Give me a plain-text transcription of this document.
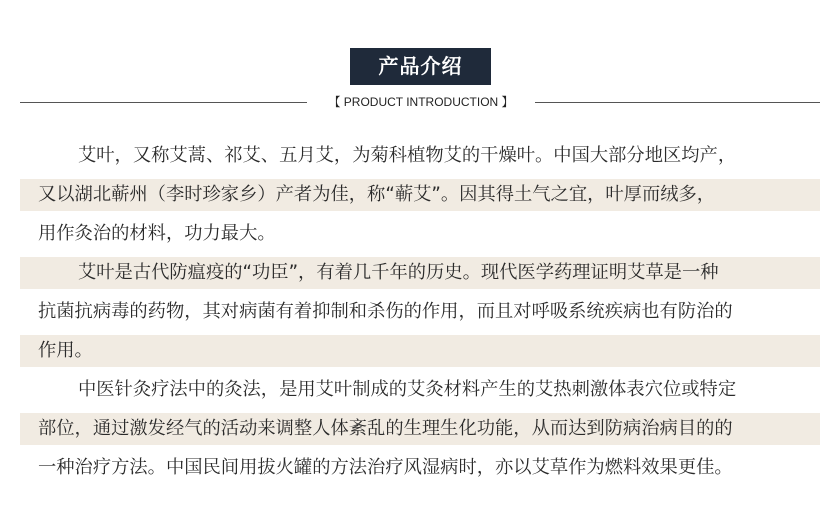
产品介绍
【 PRODUCT INTRODUCTION 】
艾叶，又称艾蒿、祁艾、五月艾，为菊科植物艾的干燥叶。中国大部分地区均产，
又以湖北蕲州（李时珍家乡）产者为佳，称“蕲艾”。因其得土气之宜，叶厚而绒多，
用作灸治的材料，功力最大。
艾叶是古代防瘟疫的“功臣”，有着几千年的历史。现代医学药理证明艾草是一种
抗菌抗病毒的药物，其对病菌有着抑制和杀伤的作用，而且对呼吸系统疾病也有防治的
作用。
中医针灸疗法中的灸法，是用艾叶制成的艾灸材料产生的艾热刺激体表穴位或特定
部位，通过激发经气的活动来调整人体紊乱的生理生化功能，从而达到防病治病目的的
一种治疗方法。中国民间用拔火罐的方法治疗风湿病时，亦以艾草作为燃料效果更佳。
